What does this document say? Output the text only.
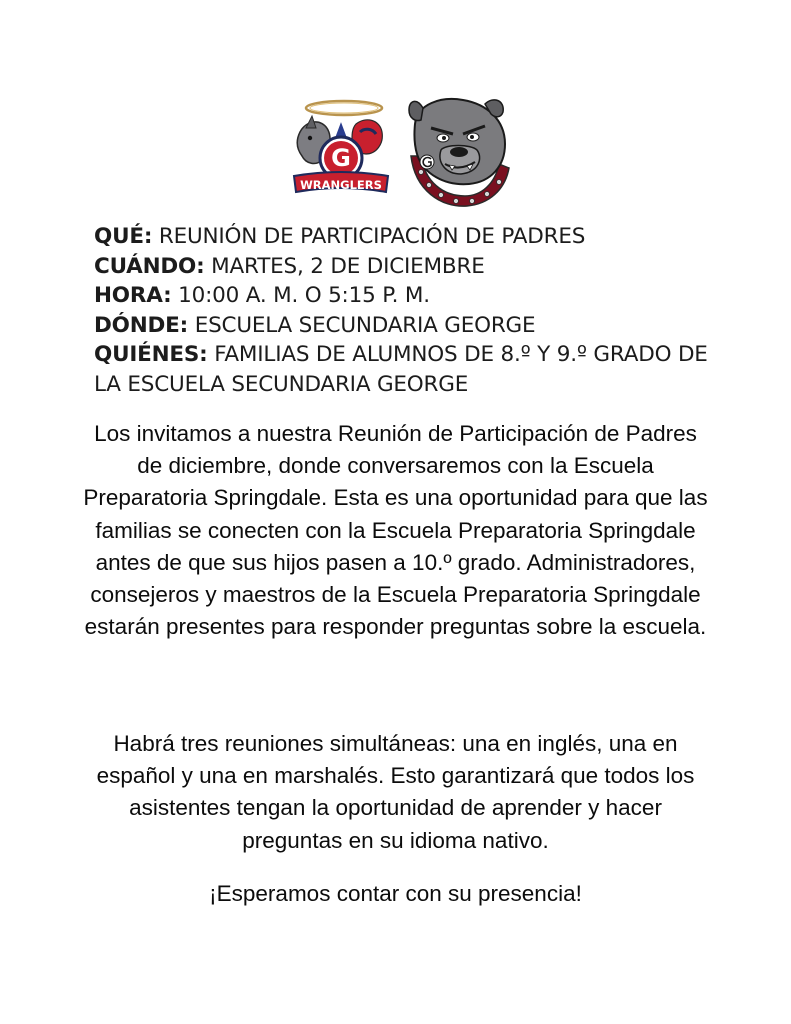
G
WRANGLERS
QUÉ: REUNIÓN DE PARTICIPACIÓN DE PADRES
CUÁNDO: MARTES, 2 DE DICIEMBRE
HORA: 10:00 A. M. O 5:15 P. M.
DÓNDE: ESCUELA SECUNDARIA GEORGE
QUIÉNES: FAMILIAS DE ALUMNOS DE 8.º Y 9.º GRADO DE LA ESCUELA SECUNDARIA GEORGE

Los invitamos a nuestra Reunión de Participación de Padres de diciembre, donde conversaremos con la Escuela Preparatoria Springdale. Esta es una oportunidad para que las familias se conecten con la Escuela Preparatoria Springdale antes de que sus hijos pasen a 10.º grado. Administradores, consejeros y maestros de la Escuela Preparatoria Springdale estarán presentes para responder preguntas sobre la escuela.

Habrá tres reuniones simultáneas: una en inglés, una en español y una en marshalés. Esto garantizará que todos los asistentes tengan la oportunidad de aprender y hacer preguntas en su idioma nativo.

¡Esperamos contar con su presencia!
